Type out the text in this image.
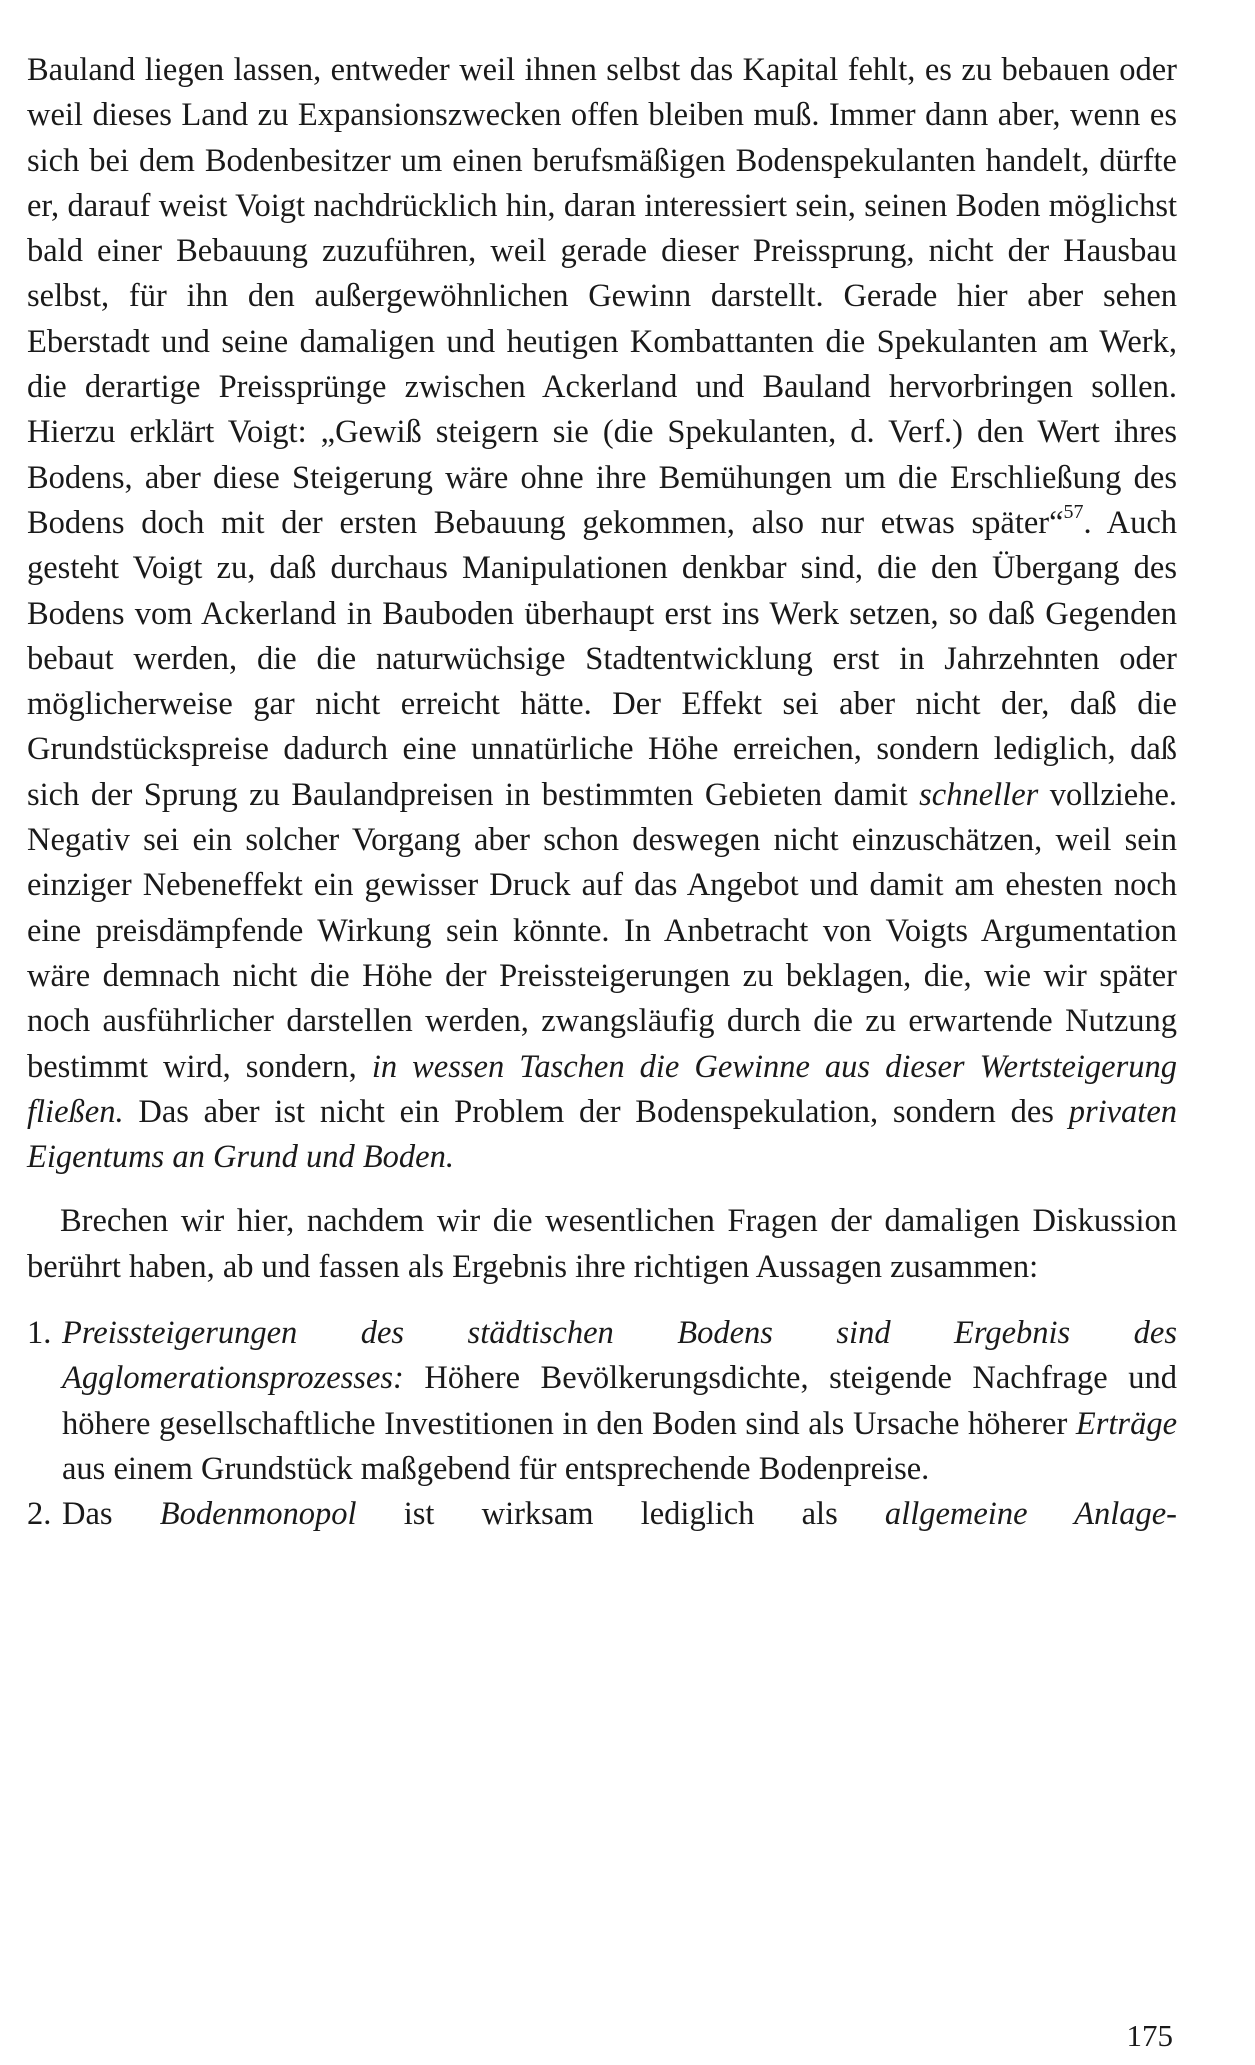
Bauland liegen lassen, entweder weil ihnen selbst das Kapital fehlt, es zu bebauen oder weil dieses Land zu Expansionszwecken offen bleiben muß. Immer dann aber, wenn es sich bei dem Bodenbesitzer um einen berufsmäßigen Bodenspekulanten handelt, dürfte er, darauf weist Voigt nachdrücklich hin, daran interessiert sein, seinen Boden möglichst bald einer Bebauung zuzuführen, weil gerade dieser Preissprung, nicht der Hausbau selbst, für ihn den außergewöhnlichen Gewinn darstellt. Gerade hier aber sehen Eberstadt und seine damaligen und heutigen Kombattanten die Spekulanten am Werk, die derartige Preissprünge zwischen Ackerland und Bauland hervorbringen sollen. Hierzu erklärt Voigt: „Gewiß steigern sie (die Spekulanten, d. Verf.) den Wert ihres Bodens, aber diese Steigerung wäre ohne ihre Bemühungen um die Erschließung des Bodens doch mit der ersten Bebauung gekommen, also nur etwas später“$^{57}$. Auch gesteht Voigt zu, daß durchaus Manipulationen denkbar sind, die den Übergang des Bodens vom Ackerland in Bauboden überhaupt erst ins Werk setzen, so daß Gegenden bebaut werden, die die naturwüchsige Stadtentwicklung erst in Jahrzehnten oder möglicherweise gar nicht erreicht hätte. Der Effekt sei aber nicht der, daß die Grundstückspreise dadurch eine unnatürliche Höhe erreichen, sondern lediglich, daß sich der Sprung zu Baulandpreisen in bestimmten Gebieten damit schneller vollziehe. Negativ sei ein solcher Vorgang aber schon deswegen nicht einzuschätzen, weil sein einziger Nebeneffekt ein gewisser Druck auf das Angebot und damit am ehesten noch eine preisdämpfende Wirkung sein könnte. In Anbetracht von Voigts Argumentation wäre demnach nicht die Höhe der Preissteigerungen zu beklagen, die, wie wir später noch ausführlicher darstellen werden, zwangsläufig durch die zu erwartende Nutzung bestimmt wird, sondern, in wessen Taschen die Gewinne aus dieser Wertsteigerung fließen. Das aber ist nicht ein Problem der Bodenspekulation, sondern des privaten Eigentums an Grund und Boden.

Brechen wir hier, nachdem wir die wesentlichen Fragen der damaligen Diskussion berührt haben, ab und fassen als Ergebnis ihre richtigen Aussagen zusammen:

1. Preissteigerungen des städtischen Bodens sind Ergebnis des Agglomerationsprozesses: Höhere Bevölkerungsdichte, steigende Nachfrage und höhere gesellschaftliche Investitionen in den Boden sind als Ursache höherer Erträge aus einem Grundstück maßgebend für entsprechende Bodenpreise.
2. Das Bodenmonopol ist wirksam lediglich als allgemeine Anlage-
175
